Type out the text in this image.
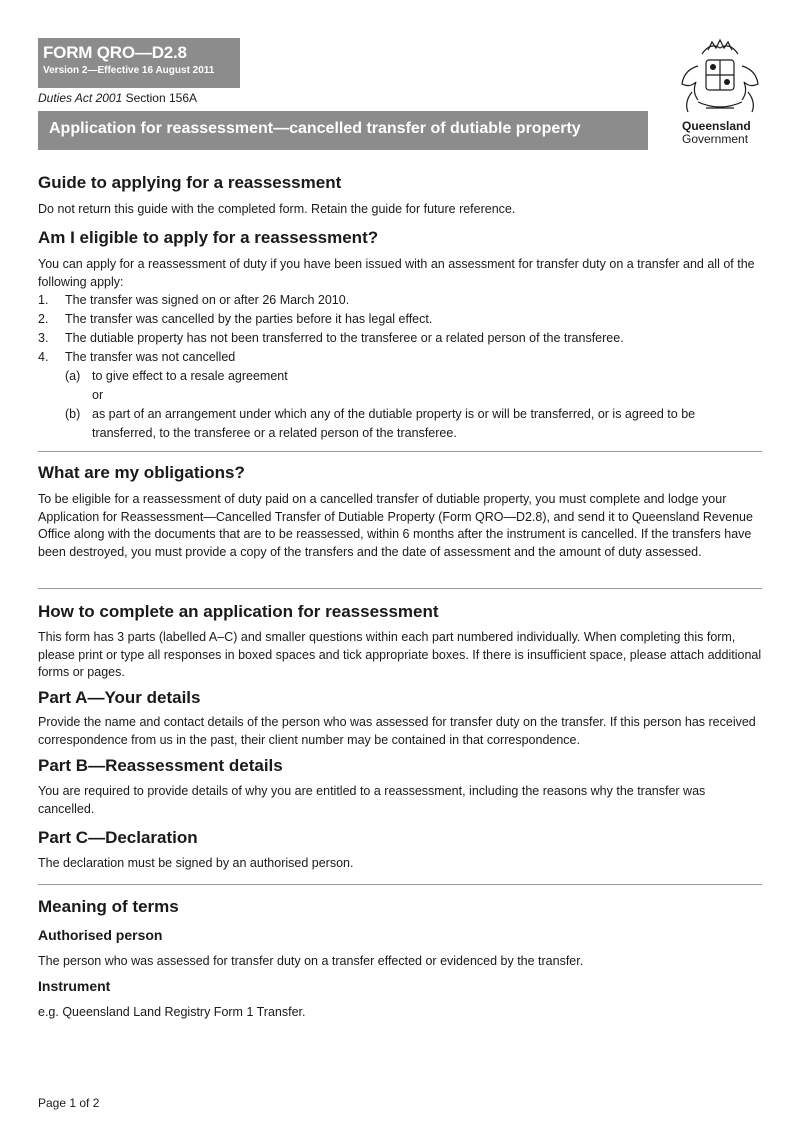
FORM QRO—D2.8
Version 2—Effective 16 August 2011
Duties Act 2001 Section 156A
Application for reassessment—cancelled transfer of dutiable property	Queensland
Government
Guide to applying for a reassessment

Do not return this guide with the completed form. Retain the guide for future reference.

Am I eligible to apply for a reassessment?

You can apply for a reassessment of duty if you have been issued with an assessment for transfer duty on a transfer and all of the following apply:

1. The transfer was signed on or after 26 March 2010.
2. The transfer was cancelled by the parties before it has legal effect.
3. The dutiable property has not been transferred to the transferee or a related person of the transferee.
4. The transfer was not cancelled
(a) to give effect to a resale agreement
or
(b) as part of an arrangement under which any of the dutiable property is or will be transferred, or is agreed to be transferred, to the transferee or a related person of the transferee.
What are my obligations?

To be eligible for a reassessment of duty paid on a cancelled transfer of dutiable property, you must complete and lodge your Application for Reassessment—Cancelled Transfer of Dutiable Property (Form QRO—D2.8), and send it to Queensland Revenue Office along with the documents that are to be reassessed, within 6 months after the instrument is cancelled. If the transfers have been destroyed, you must provide a copy of the transfers and the date of assessment and the amount of duty assessed.

How to complete an application for reassessment

This form has 3 parts (labelled A–C) and smaller questions within each part numbered individually. When completing this form, please print or type all responses in boxed spaces and tick appropriate boxes. If there is insufficient space, please attach additional forms or pages.

Part A—Your details

Provide the name and contact details of the person who was assessed for transfer duty on the transfer. If this person has received correspondence from us in the past, their client number may be contained in that correspondence.

Part B—Reassessment details

You are required to provide details of why you are entitled to a reassessment, including the reasons why the transfer was cancelled.

Part C—Declaration

The declaration must be signed by an authorised person.

Meaning of terms
Authorised person

The person who was assessed for transfer duty on a transfer effected or evidenced by the transfer.

Instrument

e.g. Queensland Land Registry Form 1 Transfer.

Page 1 of 2
